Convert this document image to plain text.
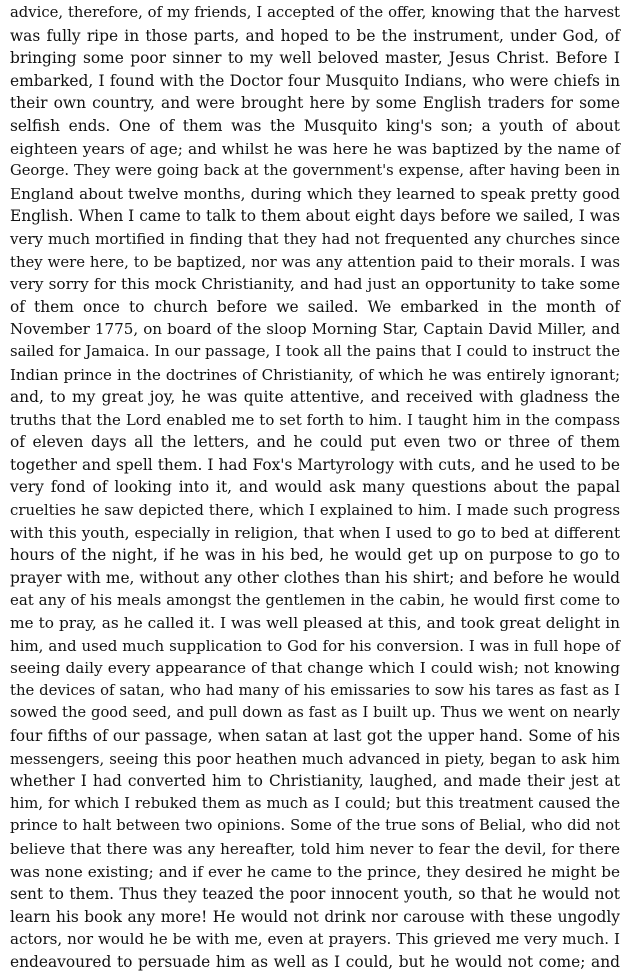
advice, therefore, of my friends, I accepted of the offer, knowing that the harvest
was fully ripe in those parts, and hoped to be the instrument, under God, of
bringing some poor sinner to my well beloved master, Jesus Christ. Before I
embarked, I found with the Doctor four Musquito Indians, who were chiefs in
their own country, and were brought here by some English traders for some
selfish ends. One of them was the Musquito king's son; a youth of about
eighteen years of age; and whilst he was here he was baptized by the name of
George. They were going back at the government's expense, after having been in
England about twelve months, during which they learned to speak pretty good
English. When I came to talk to them about eight days before we sailed, I was
very much mortified in finding that they had not frequented any churches since
they were here, to be baptized, nor was any attention paid to their morals. I was
very sorry for this mock Christianity, and had just an opportunity to take some
of them once to church before we sailed. We embarked in the month of
November 1775, on board of the sloop Morning Star, Captain David Miller, and
sailed for Jamaica. In our passage, I took all the pains that I could to instruct the
Indian prince in the doctrines of Christianity, of which he was entirely ignorant;
and, to my great joy, he was quite attentive, and received with gladness the
truths that the Lord enabled me to set forth to him. I taught him in the compass
of eleven days all the letters, and he could put even two or three of them
together and spell them. I had Fox's Martyrology with cuts, and he used to be
very fond of looking into it, and would ask many questions about the papal
cruelties he saw depicted there, which I explained to him. I made such progress
with this youth, especially in religion, that when I used to go to bed at different
hours of the night, if he was in his bed, he would get up on purpose to go to
prayer with me, without any other clothes than his shirt; and before he would
eat any of his meals amongst the gentlemen in the cabin, he would first come to
me to pray, as he called it. I was well pleased at this, and took great delight in
him, and used much supplication to God for his conversion. I was in full hope of
seeing daily every appearance of that change which I could wish; not knowing
the devices of satan, who had many of his emissaries to sow his tares as fast as I
sowed the good seed, and pull down as fast as I built up. Thus we went on nearly
four fifths of our passage, when satan at last got the upper hand. Some of his
messengers, seeing this poor heathen much advanced in piety, began to ask him
whether I had converted him to Christianity, laughed, and made their jest at
him, for which I rebuked them as much as I could; but this treatment caused the
prince to halt between two opinions. Some of the true sons of Belial, who did not
believe that there was any hereafter, told him never to fear the devil, for there
was none existing; and if ever he came to the prince, they desired he might be
sent to them. Thus they teazed the poor innocent youth, so that he would not
learn his book any more! He would not drink nor carouse with these ungodly
actors, nor would he be with me, even at prayers. This grieved me very much. I
endeavoured to persuade him as well as I could, but he would not come; and
